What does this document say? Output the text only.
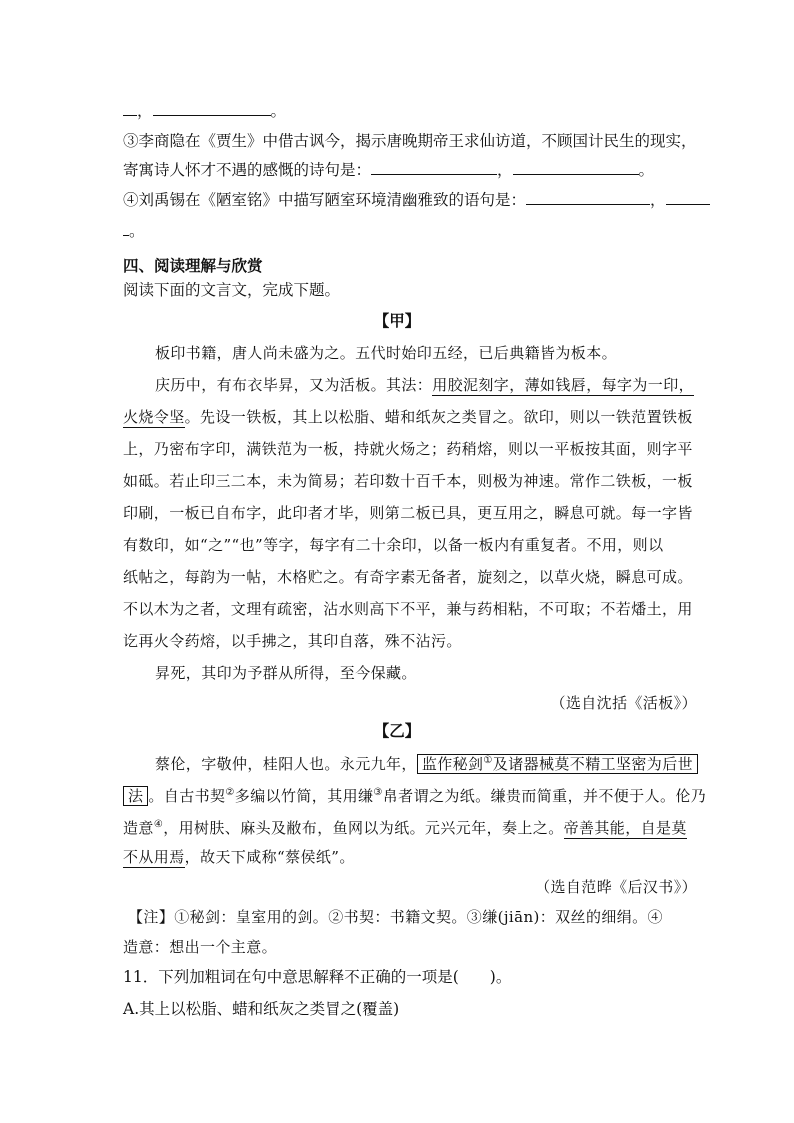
，	。
③李商隐在《贾生》中借古讽今，揭示唐晚期帝王求仙访道，不顾国计民生的现实，
寄寓诗人怀才不遇的感慨的诗句是：	，	。
④刘禹锡在《陋室铭》中描写陋室环境清幽雅致的语句是：	，
。
四、阅读理解与欣赏
阅读下面的文言文，完成下题。
【甲】
板印书籍，唐人尚未盛为之。五代时始印五经，已后典籍皆为板本。
庆历中，有布衣毕昇，又为活板。其法：用胶泥刻字，薄如钱唇，每字为一印，
火烧令坚。先设一铁板，其上以松脂、蜡和纸灰之类冒之。欲印，则以一铁范置铁板
上，乃密布字印，满铁范为一板，持就火炀之；药稍熔，则以一平板按其面，则字平
如砥。若止印三二本，未为简易；若印数十百千本，则极为神速。常作二铁板，一板
印刷，一板已自布字，此印者才毕，则第二板已具，更互用之，瞬息可就。每一字皆
有数印，如“之”“也”等字，每字有二十余印，以备一板内有重复者。不用，则以
纸帖之，每韵为一帖，木格贮之。有奇字素无备者，旋刻之，以草火烧，瞬息可成。
不以木为之者，文理有疏密，沾水则高下不平，兼与药相粘，不可取；不若燔土，用
讫再火令药熔，以手拂之，其印自落，殊不沾污。
昇死，其印为予群从所得，至今保藏。
（选自沈括《活板》）
【乙】
蔡伦，字敬仲，桂阳人也。永元九年， 监作秘剑①及诸器械莫不精工坚密为后世
法 。自古书契②多编以竹简，其用缣③帛者谓之为纸。缣贵而简重，并不便于人。伦乃
造意④，用树肤、麻头及敝布，鱼网以为纸。元兴元年，奏上之。帝善其能，自是莫
不从用焉，故天下咸称“蔡侯纸”。
（选自范晔《后汉书》）
【注】①秘剑：皇室用的剑。②书契：书籍文契。③缣(jiān)：双丝的细绢。④
造意：想出一个主意。
11．下列加粗词在句中意思解释不正确的一项是(　　)。
A.其上以松脂、蜡和纸灰之类冒之(覆盖)
